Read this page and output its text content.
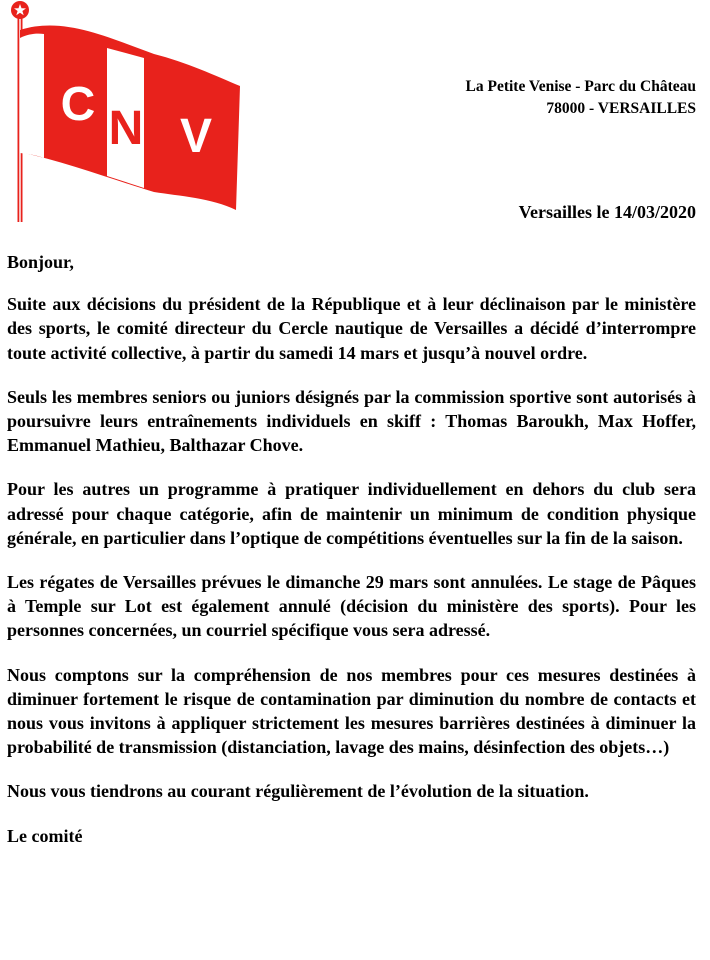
C N V
La Petite Venise - Parc du Château
78000 - VERSAILLES
Versailles le 14/03/2020

Bonjour,

Suite aux décisions du président de la République et à leur déclinaison par le ministère des sports, le comité directeur du Cercle nautique de Versailles a décidé d’interrompre toute activité collective, à partir du samedi 14 mars et jusqu’à nouvel ordre.

Seuls les membres seniors ou juniors désignés par la commission sportive sont autorisés à poursuivre leurs entraînements individuels en skiff : Thomas Baroukh, Max Hoffer, Emmanuel Mathieu, Balthazar Chove.

Pour les autres un programme à pratiquer individuellement en dehors du club sera adressé pour chaque catégorie, afin de maintenir un minimum de condition physique générale, en particulier dans l’optique de compétitions éventuelles sur la fin de la saison.

Les régates de Versailles prévues le dimanche 29 mars sont annulées. Le stage de Pâques à Temple sur Lot est également annulé (décision du ministère des sports). Pour les personnes concernées, un courriel spécifique vous sera adressé.

Nous comptons sur la compréhension de nos membres pour ces mesures destinées à diminuer fortement le risque de contamination par diminution du nombre de contacts et nous vous invitons à appliquer strictement les mesures barrières destinées à diminuer la probabilité de transmission (distanciation, lavage des mains, désinfection des objets…)

Nous vous tiendrons au courant régulièrement de l’évolution de la situation.

Le comité
